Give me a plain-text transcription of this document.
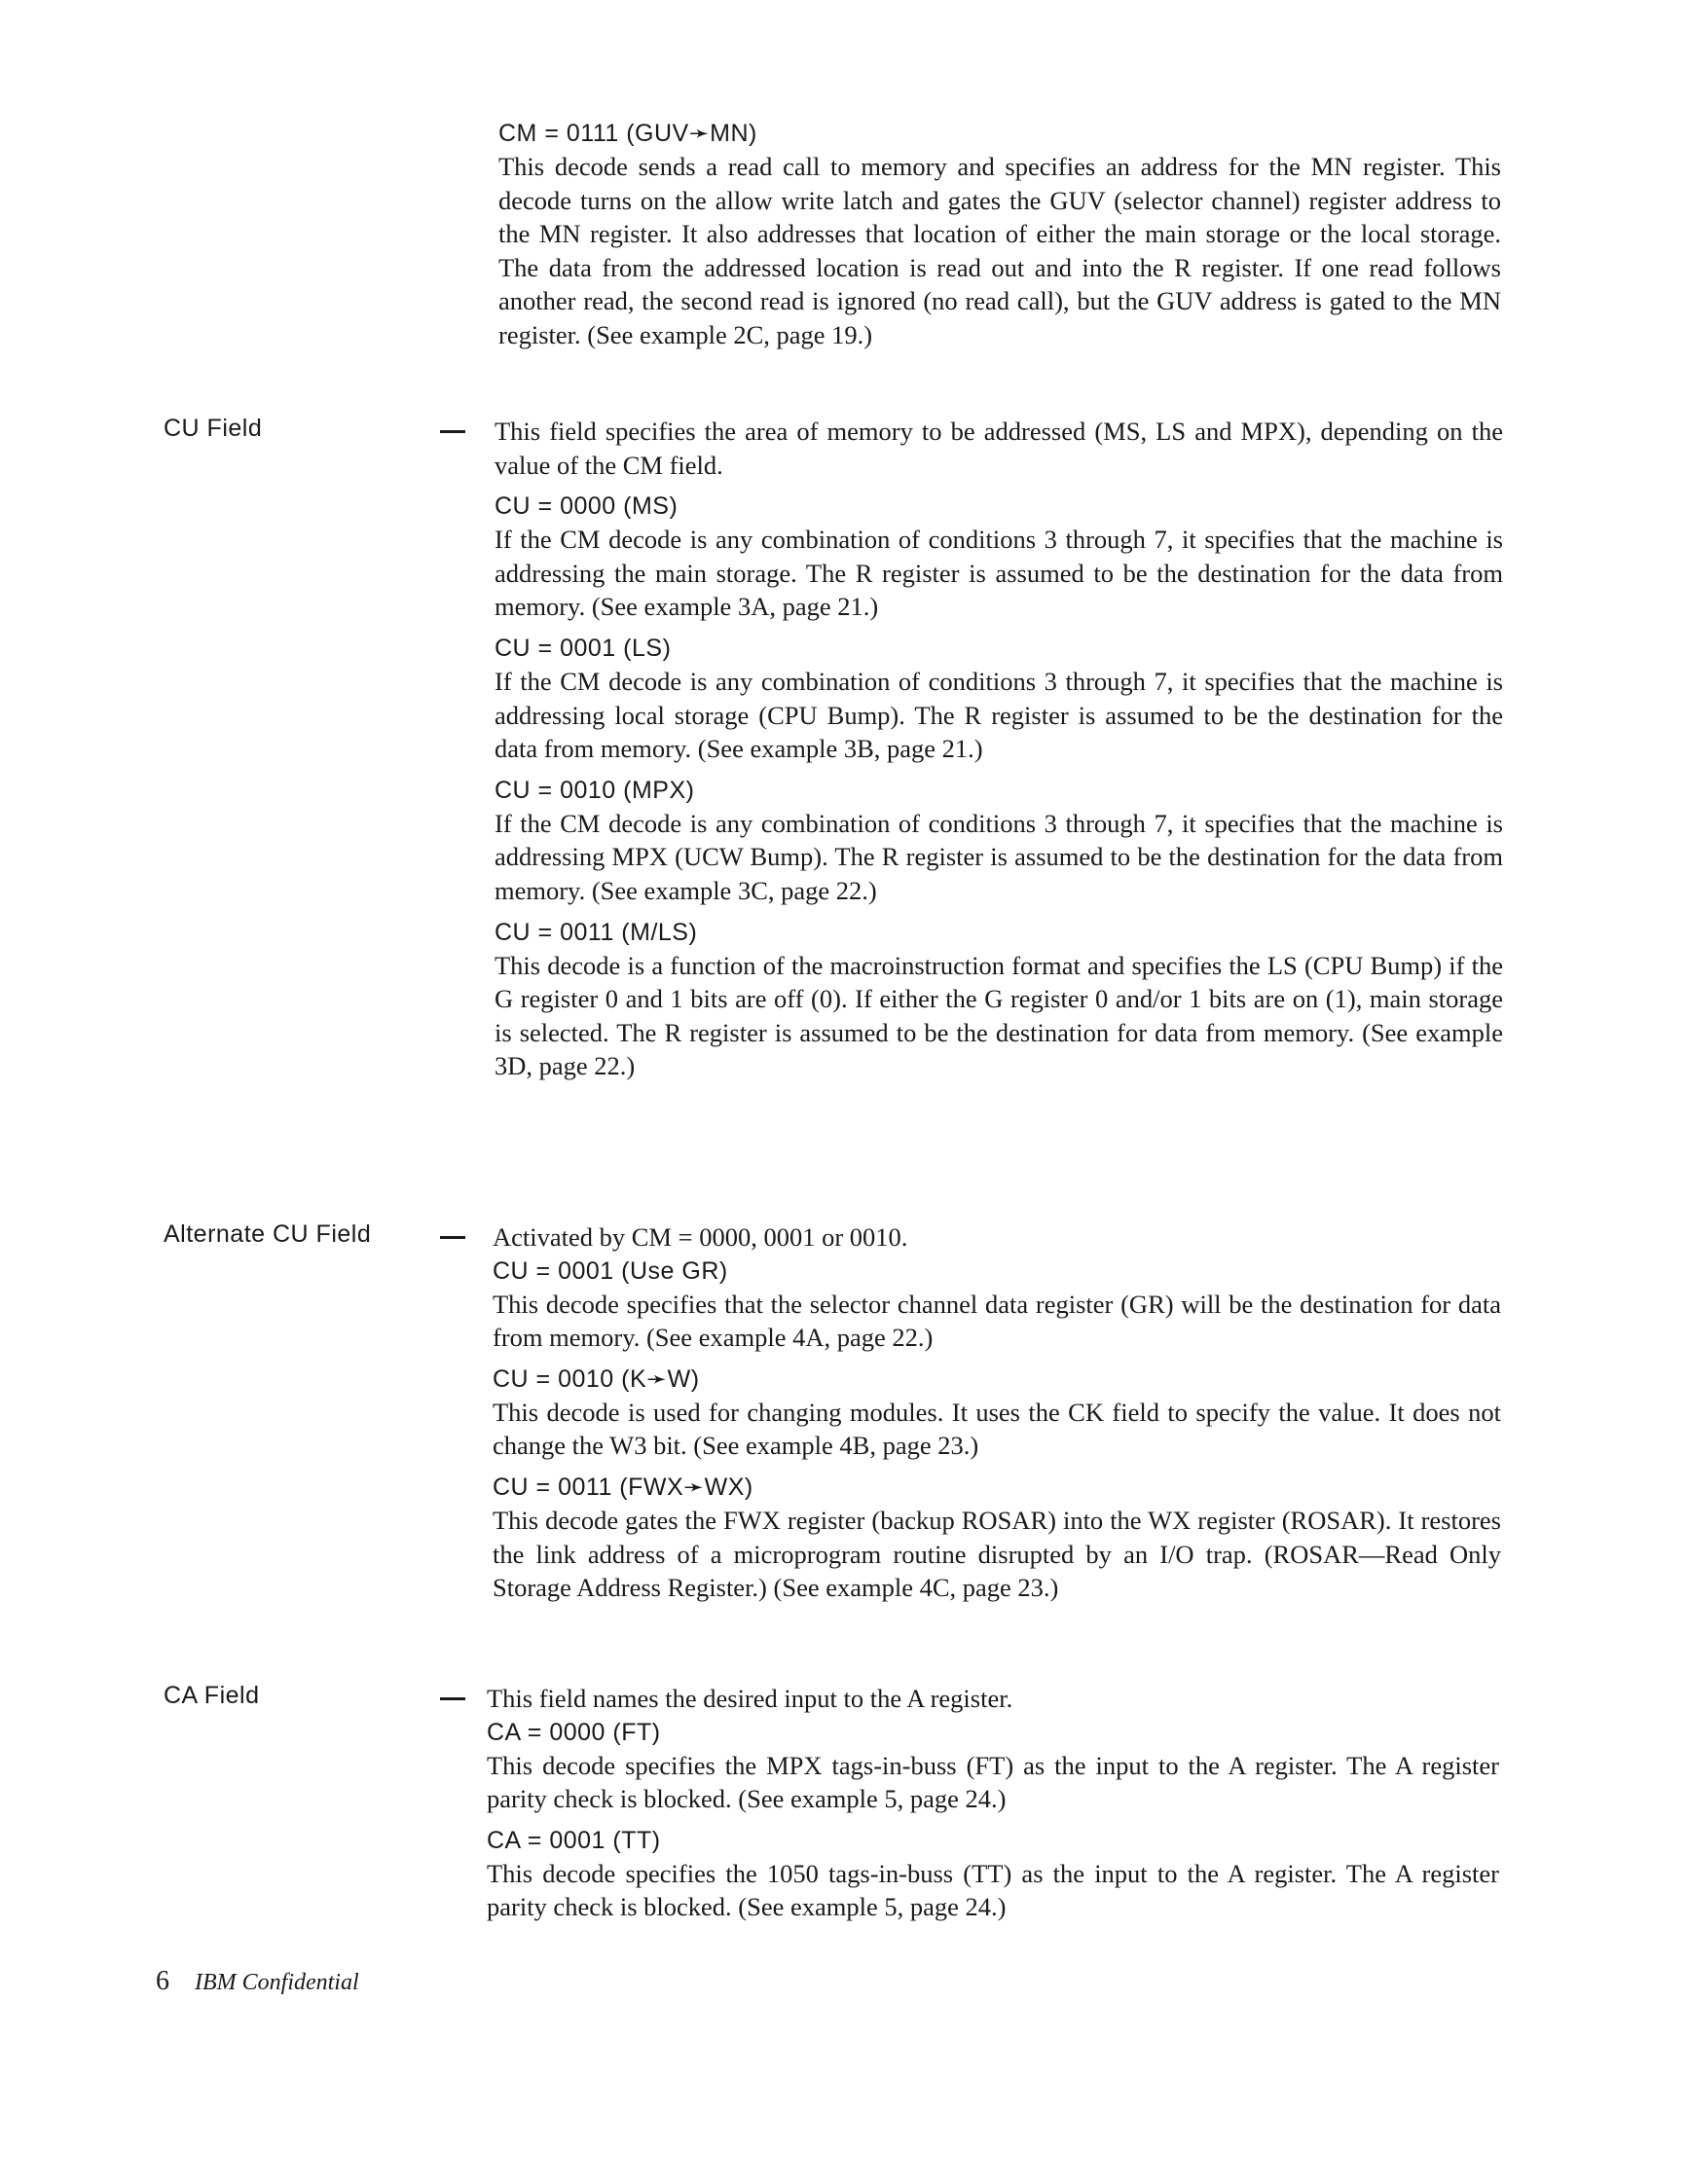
CM = 0111 (GUV➛MN)

This decode sends a read call to memory and specifies an address for the MN register. This decode turns on the allow write latch and gates the GUV (selector channel) register address to the MN register. It also addresses that location of either the main storage or the local storage. The data from the addressed location is read out and into the R register. If one read follows another read, the second read is ignored (no read call), but the GUV address is gated to the MN register. (See example 2C, page 19.)

CU Field	This field specifies the area of memory to be addressed (MS, LS and MPX), depending on the value of the CM field.

CU = 0000 (MS)

If the CM decode is any combination of conditions 3 through 7, it specifies that the machine is addressing the main storage. The R register is assumed to be the destination for the data from memory. (See example 3A, page 21.)

CU = 0001 (LS)

If the CM decode is any combination of conditions 3 through 7, it specifies that the machine is addressing local storage (CPU Bump). The R register is assumed to be the destination for the data from memory. (See example 3B, page 21.)

CU = 0010 (MPX)

If the CM decode is any combination of conditions 3 through 7, it specifies that the machine is addressing MPX (UCW Bump). The R register is assumed to be the destination for the data from memory. (See example 3C, page 22.)

CU = 0011 (M/LS)

This decode is a function of the macroinstruction format and specifies the LS (CPU Bump) if the G register 0 and 1 bits are off (0). If either the G register 0 and/or 1 bits are on (1), main storage is selected. The R register is assumed to be the destination for data from memory. (See example 3D, page 22.)

Alternate CU Field	Activated by CM = 0000, 0001 or 0010.

CU = 0001 (Use GR)

This decode specifies that the selector channel data register (GR) will be the destination for data from memory. (See example 4A, page 22.)

CU = 0010 (K➛W)

This decode is used for changing modules. It uses the CK field to specify the value. It does not change the W3 bit. (See example 4B, page 23.)

CU = 0011 (FWX➛WX)

This decode gates the FWX register (backup ROSAR) into the WX register (ROSAR). It restores the link address of a microprogram routine disrupted by an I/O trap. (ROSAR—Read Only Storage Address Register.) (See example 4C, page 23.)

CA Field	This field names the desired input to the A register.

CA = 0000 (FT)

This decode specifies the MPX tags-in-buss (FT) as the input to the A register. The A register parity check is blocked. (See example 5, page 24.)

CA = 0001 (TT)

This decode specifies the 1050 tags-in-buss (TT) as the input to the A register. The A register parity check is blocked. (See example 5, page 24.)

6 IBM Confidential
